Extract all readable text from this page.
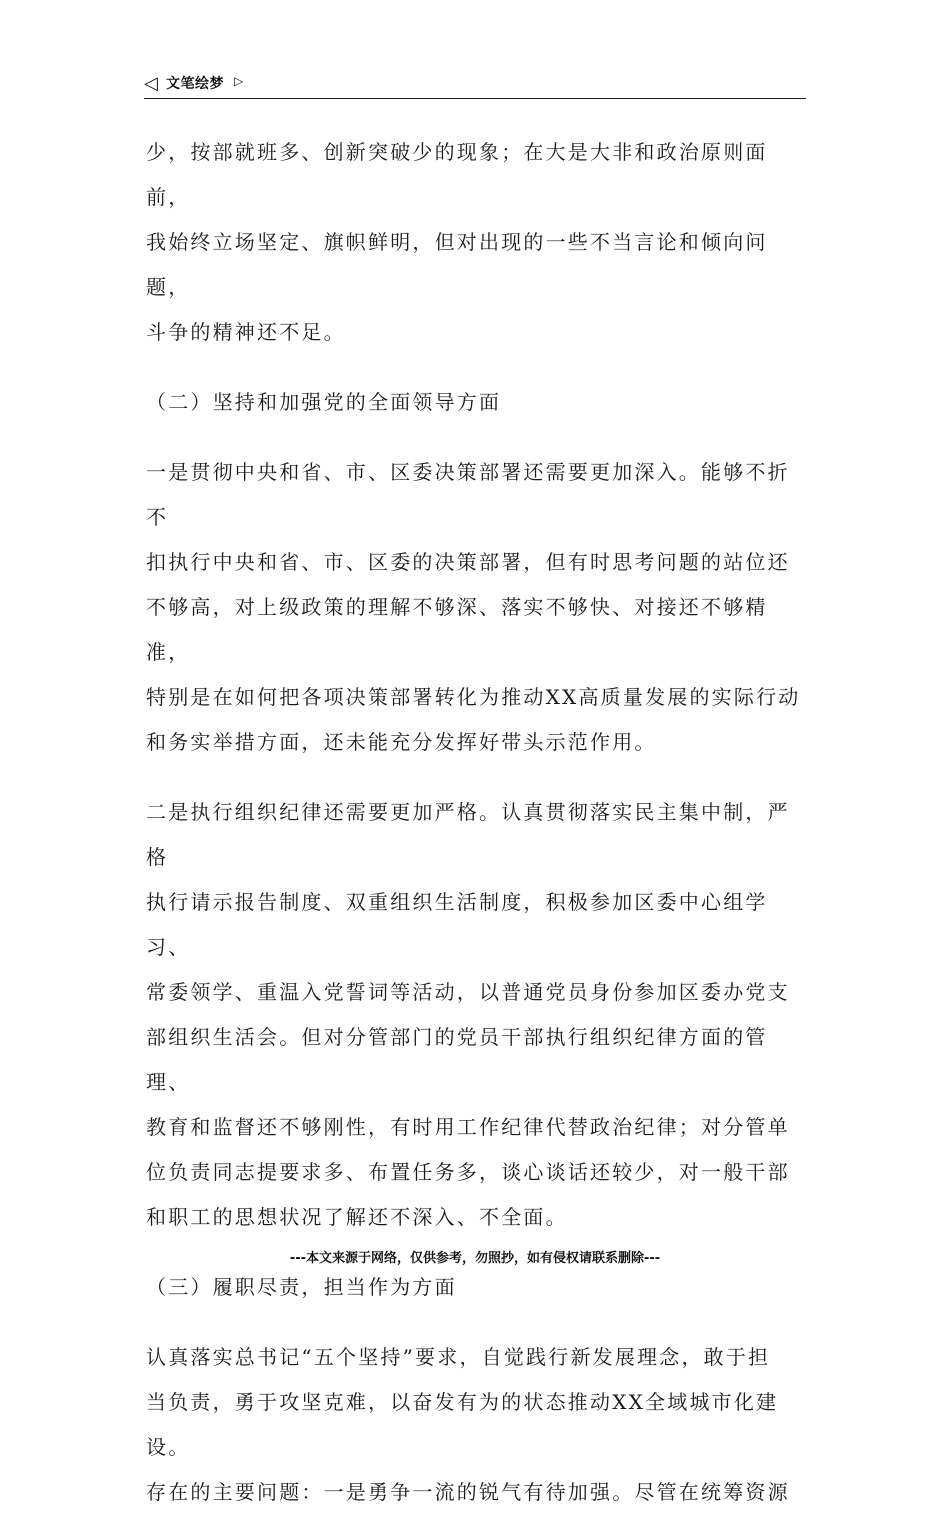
◁ 文笔绘梦 ▷
少，按部就班多、创新突破少的现象；在大是大非和政治原则面前，
我始终立场坚定、旗帜鲜明，但对出现的一些不当言论和倾向问题，
斗争的精神还不足。
（二）坚持和加强党的全面领导方面
一是贯彻中央和省、市、区委决策部署还需要更加深入。能够不折不
扣执行中央和省、市、区委的决策部署，但有时思考问题的站位还
不够高，对上级政策的理解不够深、落实不够快、对接还不够精准，
特别是在如何把各项决策部署转化为推动XX高质量发展的实际行动
和务实举措方面，还未能充分发挥好带头示范作用。
二是执行组织纪律还需要更加严格。认真贯彻落实民主集中制，严格
执行请示报告制度、双重组织生活制度，积极参加区委中心组学习、
常委领学、重温入党誓词等活动，以普通党员身份参加区委办党支
部组织生活会。但对分管部门的党员干部执行组织纪律方面的管理、
教育和监督还不够刚性，有时用工作纪律代替政治纪律；对分管单
位负责同志提要求多、布置任务多，谈心谈话还较少，对一般干部
和职工的思想状况了解还不深入、不全面。
（三）履职尽责，担当作为方面
认真落实总书记“五个坚持”要求，自觉践行新发展理念，敢于担
当负责，勇于攻坚克难，以奋发有为的状态推动XX全域城市化建设。
存在的主要问题：一是勇争一流的锐气有待加强。尽管在统筹资源
---本文来源于网络，仅供参考，勿照抄，如有侵权请联系删除---
